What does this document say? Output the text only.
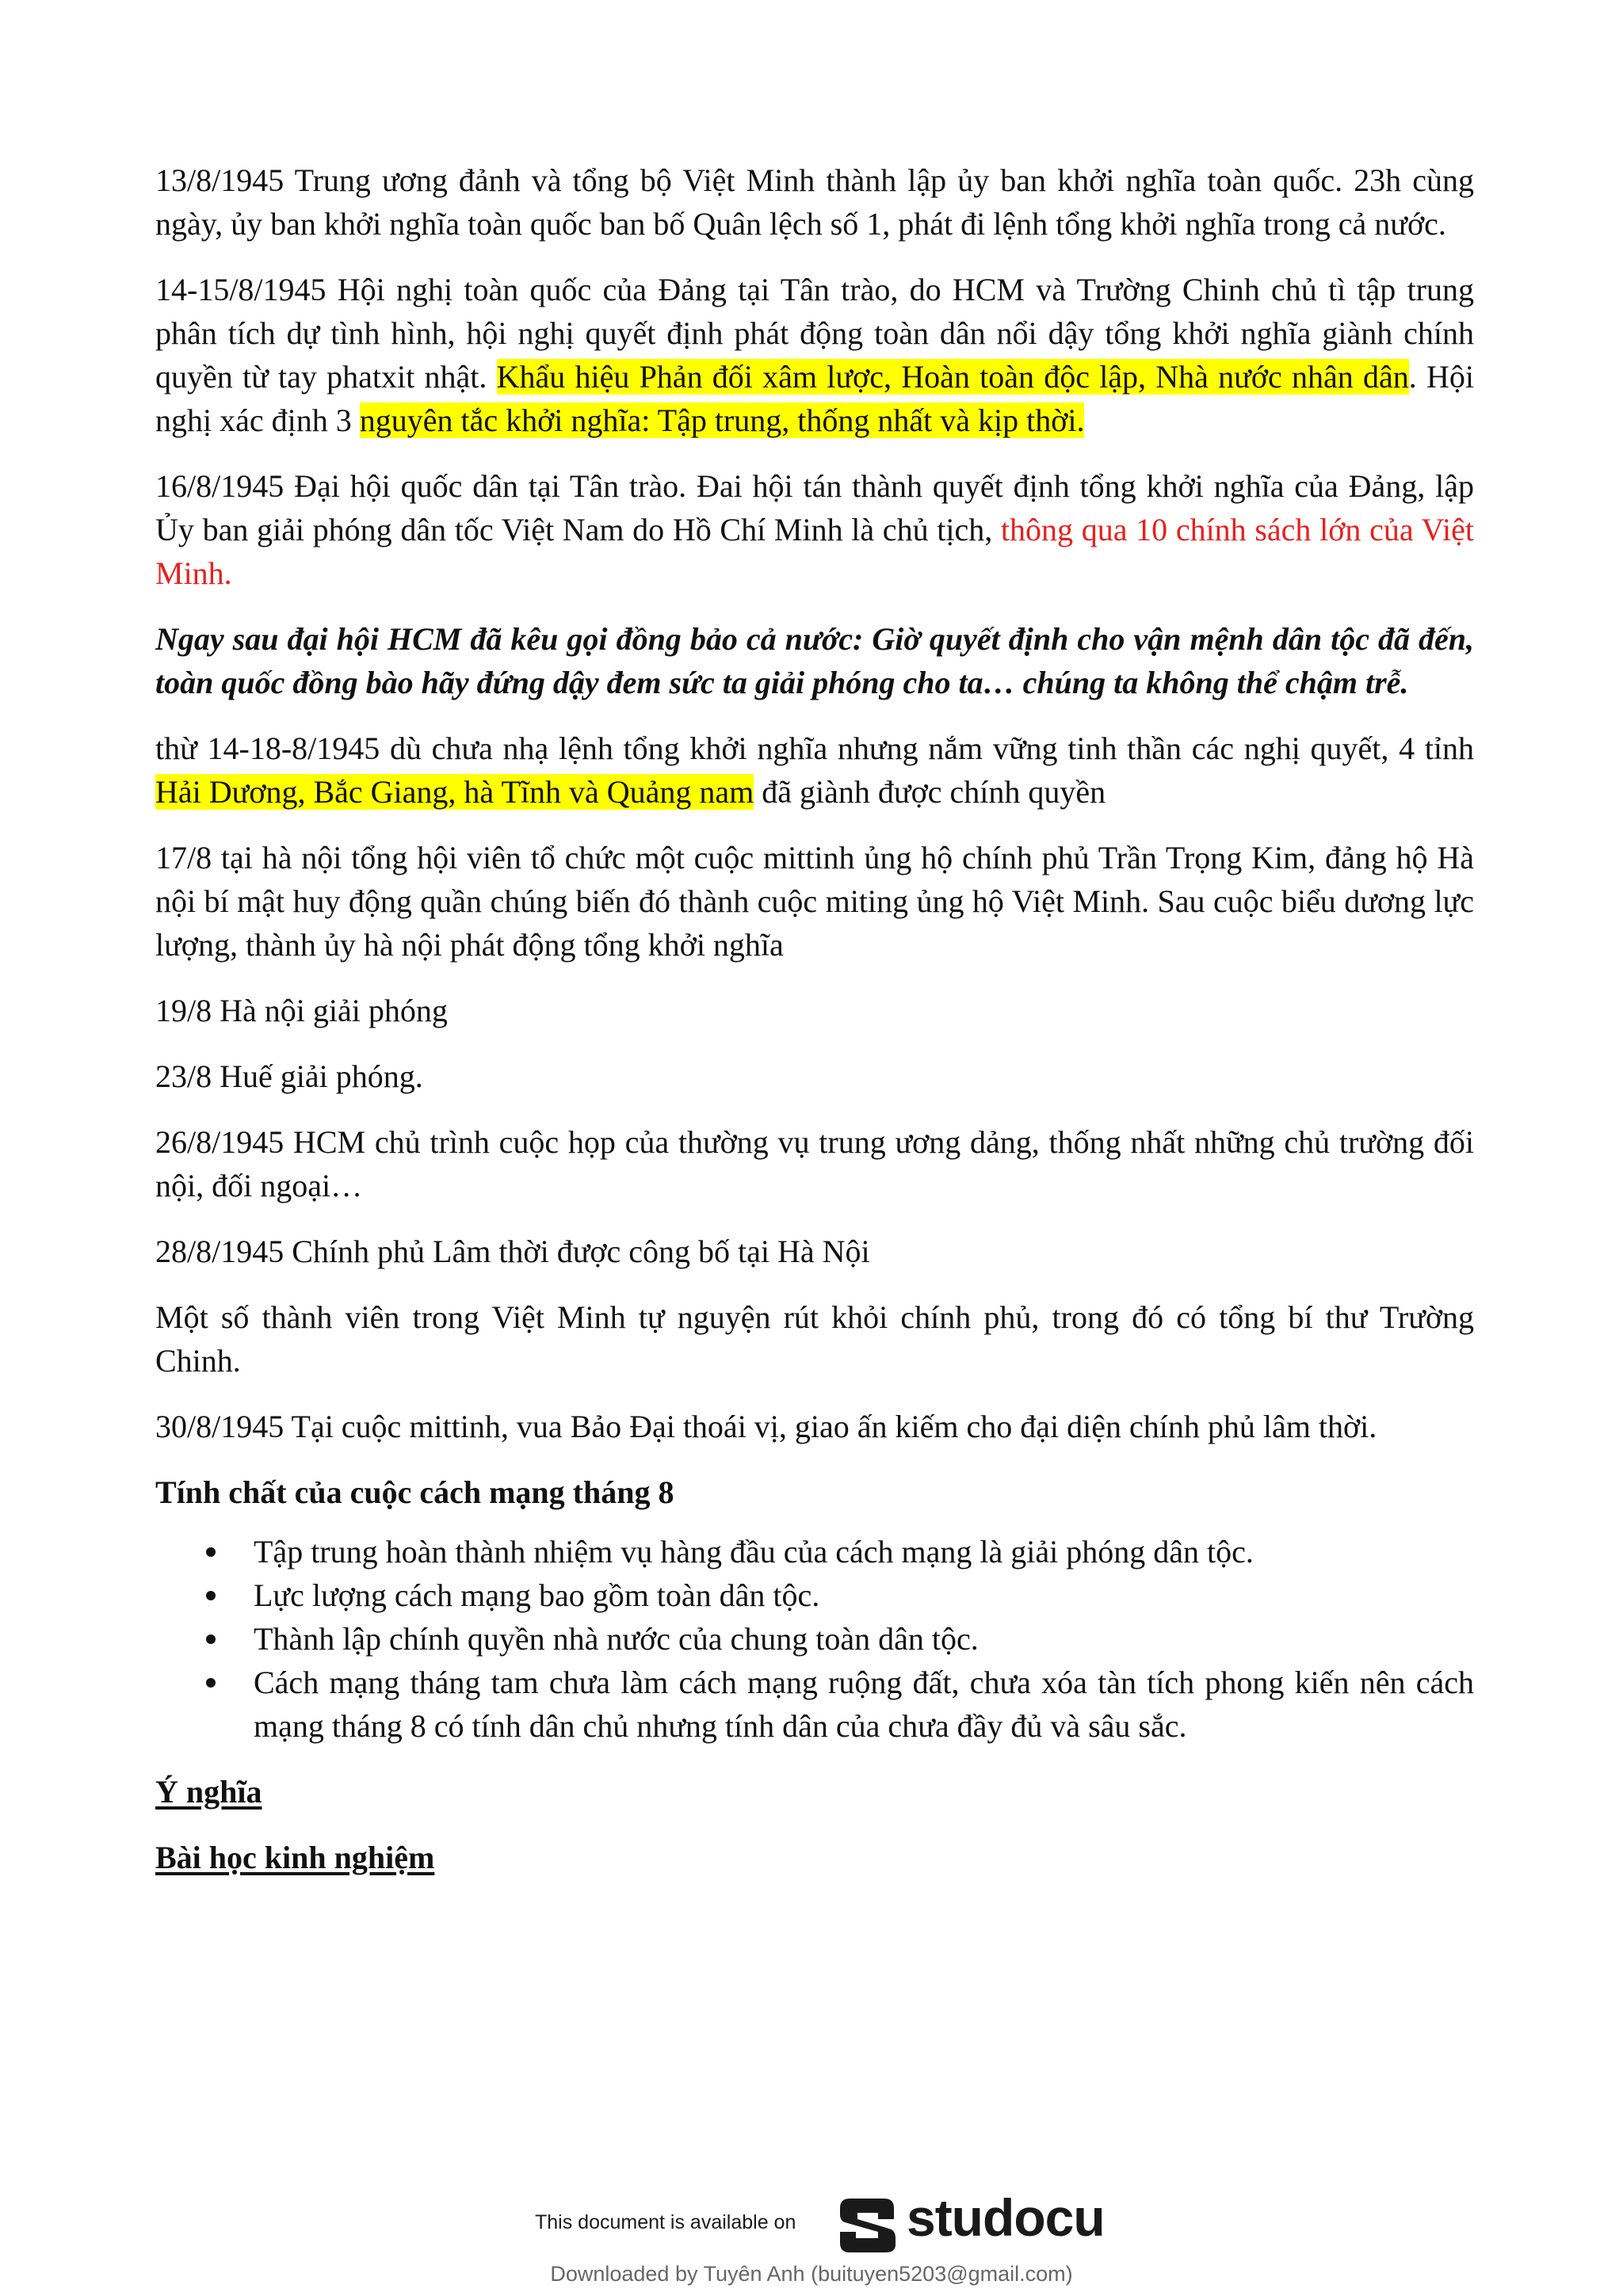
13/8/1945 Trung ương đảnh và tổng bộ Việt Minh thành lập ủy ban khởi nghĩa toàn quốc. 23h cùng ngày, ủy ban khởi nghĩa toàn quốc ban bố Quân lệch số 1, phát đi lệnh tổng khởi nghĩa trong cả nước.

14-15/8/1945 Hội nghị toàn quốc của Đảng tại Tân trào, do HCM và Trường Chinh chủ tì tập trung phân tích dự tình hình, hội nghị quyết định phát động toàn dân nổi dậy tổng khởi nghĩa giành chính quyền từ tay phatxit nhật. Khẩu hiệu Phản đối xâm lược, Hoàn toàn độc lập, Nhà nước nhân dân. Hội nghị xác định 3 nguyên tắc khởi nghĩa: Tập trung, thống nhất và kịp thời.

16/8/1945 Đại hội quốc dân tại Tân trào. Đai hội tán thành quyết định tổng khởi nghĩa của Đảng, lập Ủy ban giải phóng dân tốc Việt Nam do Hồ Chí Minh là chủ tịch, thông qua 10 chính sách lớn của Việt Minh.

Ngay sau đại hội HCM đã kêu gọi đồng bảo cả nước: Giờ quyết định cho vận mệnh dân tộc đã đến, toàn quốc đồng bào hãy đứng dậy đem sức ta giải phóng cho ta… chúng ta không thể chậm trễ.

thừ 14-18-8/1945 dù chưa nhạ lệnh tổng khởi nghĩa nhưng nắm vững tinh thần các nghị quyết, 4 tỉnh Hải Dương, Bắc Giang, hà Tĩnh và Quảng nam đã giành được chính quyền

17/8 tại hà nội tổng hội viên tổ chức một cuộc mittinh ủng hộ chính phủ Trần Trọng Kim, đảng hộ Hà nội bí mật huy động quần chúng biến đó thành cuộc miting ủng hộ Việt Minh. Sau cuộc biểu dương lực lượng, thành ủy hà nội phát động tổng khởi nghĩa

19/8 Hà nội giải phóng

23/8 Huế giải phóng.

26/8/1945 HCM chủ trình cuộc họp của thường vụ trung ương dảng, thống nhất những chủ trường đối nội, đối ngoại…

28/8/1945 Chính phủ Lâm thời được công bố tại Hà Nội

Một số thành viên trong Việt Minh tự nguyện rút khỏi chính phủ, trong đó có tổng bí thư Trường Chinh.

30/8/1945 Tại cuộc mittinh, vua Bảo Đại thoái vị, giao ấn kiếm cho đại diện chính phủ lâm thời.

Tính chất của cuộc cách mạng tháng 8

Tập trung hoàn thành nhiệm vụ hàng đầu của cách mạng là giải phóng dân tộc.
Lực lượng cách mạng bao gồm toàn dân tộc.
Thành lập chính quyền nhà nước của chung toàn dân tộc.
Cách mạng tháng tam chưa làm cách mạng ruộng đất, chưa xóa tàn tích phong kiến nên cách mạng tháng 8 có tính dân chủ nhưng tính dân của chưa đầy đủ và sâu sắc.

Ý nghĩa

Bài học kinh nghiệm

This document is available on studocu
Downloaded by Tuyên Anh (buituyen5203@gmail.com)
